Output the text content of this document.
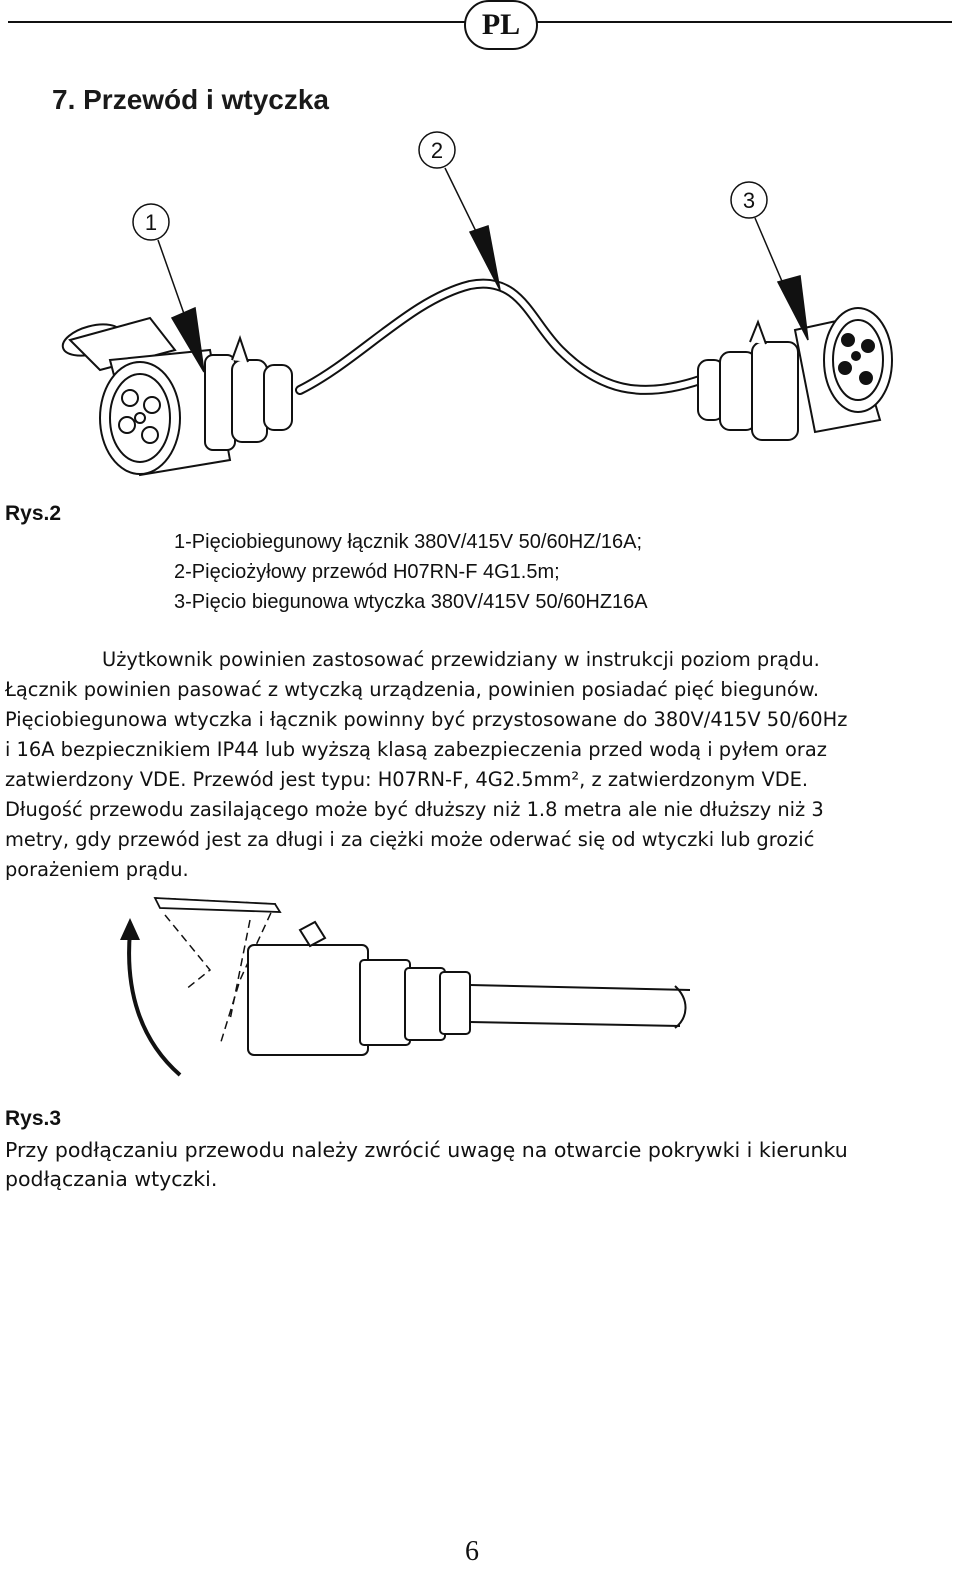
PL
7. Przewód i wtyczka
1
2
3
Rys.2
1-Pięciobiegunowy łącznik 380V/415V 50/60HZ/16A;
2-Pięciożyłowy przewód H07RN-F 4G1.5m;
3-Pięcio biegunowa wtyczka 380V/415V 50/60HZ16A
Użytkownik powinien zastosować przewidziany w instrukcji poziom prądu.
Łącznik powinien pasować z wtyczką urządzenia, powinien posiadać pięć biegunów.
Pięciobiegunowa wtyczka i łącznik powinny być przystosowane do 380V/415V 50/60Hz
i 16A bezpiecznikiem IP44 lub wyższą klasą zabezpieczenia przed wodą i pyłem oraz
zatwierdzony VDE. Przewód jest typu: H07RN-F, 4G2.5mm², z zatwierdzonym VDE.
Długość przewodu zasilającego może być dłuższy niż 1.8 metra ale nie dłuższy niż 3
metry, gdy przewód jest za długi i za ciężki może oderwać się od wtyczki lub grozić
porażeniem prądu.
Rys.3
Przy podłączaniu przewodu należy zwrócić uwagę na otwarcie pokrywki i kierunku
podłączania wtyczki.
6
